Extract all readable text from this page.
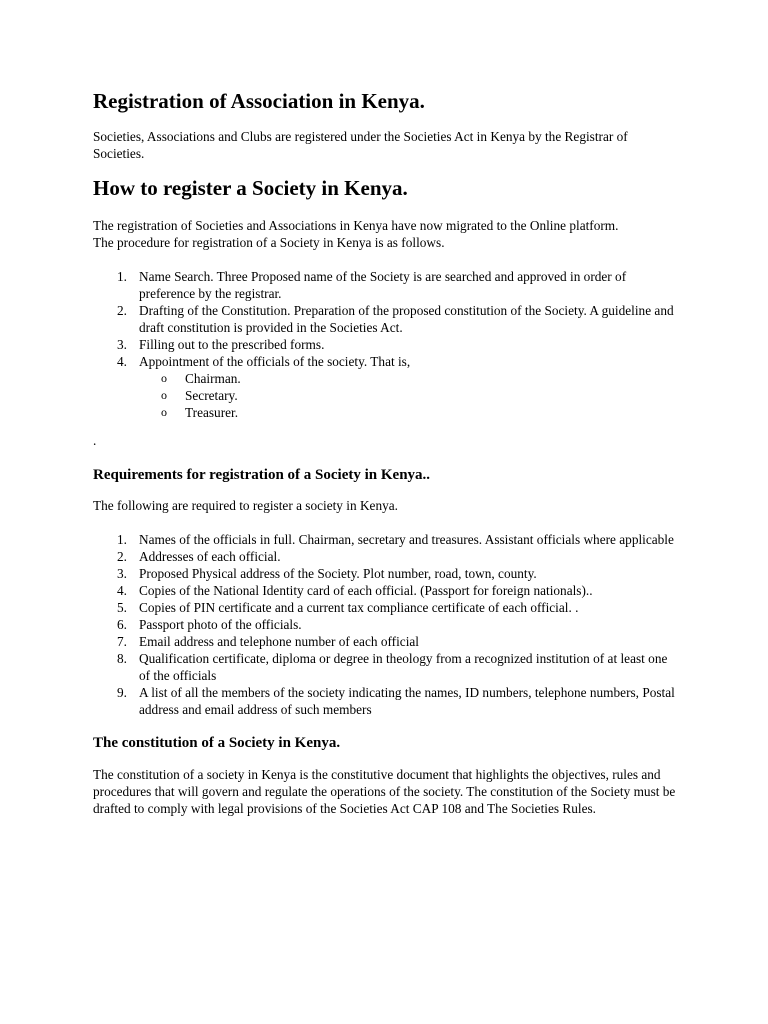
Registration of Association in Kenya.

Societies, Associations and Clubs are registered under the Societies Act in Kenya by the Registrar of Societies.

How to register a Society in Kenya.

The registration of Societies and Associations in Kenya have now migrated to the Online platform.

The procedure for registration of a Society in Kenya is as follows.

1. Name Search. Three Proposed name of the Society is are searched and approved in order of preference by the registrar.
2. Drafting of the Constitution. Preparation of the proposed constitution of the Society. A guideline and draft constitution is provided in the Societies Act.
3. Filling out to the prescribed forms.
4. Appointment of the officials of the society. That is,
o Chairman.
o Secretary.
o Treasurer.

.

Requirements for registration of a Society in Kenya..

The following are required to register a society in Kenya.

1. Names of the officials in full. Chairman, secretary and treasures. Assistant officials where applicable
2. Addresses of each official.
3. Proposed Physical address of the Society. Plot number, road, town, county.
4. Copies of the National Identity card of each official. (Passport for foreign nationals)..
5. Copies of PIN certificate and a current tax compliance certificate of each official. .
6. Passport photo of the officials.
7. Email address and telephone number of each official
8. Qualification certificate, diploma or degree in theology from a recognized institution of at least one of the officials
9. A list of all the members of the society indicating the names, ID numbers, telephone numbers, Postal address and email address of such members
The constitution of a Society in Kenya.

The constitution of a society in Kenya is the constitutive document that highlights the objectives, rules and procedures that will govern and regulate the operations of the society. The constitution of the Society must be drafted to comply with legal provisions of the Societies Act CAP 108 and The Societies Rules.
